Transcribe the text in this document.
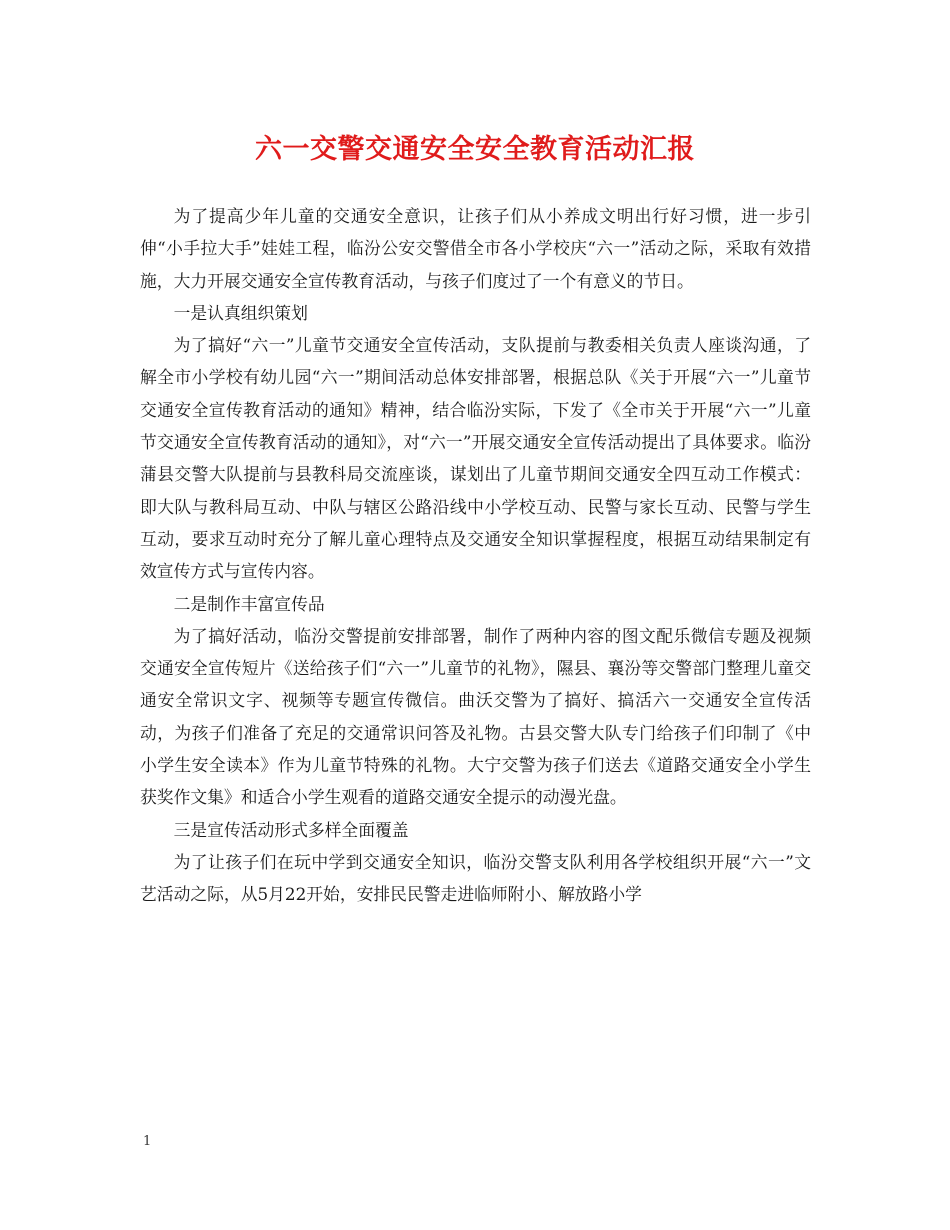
六一交警交通安全安全教育活动汇报

为了提高少年儿童的交通安全意识，让孩子们从小养成文明出行好习惯，进一步引伸“小手拉大手”娃娃工程，临汾公安交警借全市各小学校庆“六一”活动之际，采取有效措施，大力开展交通安全宣传教育活动，与孩子们度过了一个有意义的节日。

一是认真组织策划

为了搞好“六一”儿童节交通安全宣传活动，支队提前与教委相关负责人座谈沟通，了解全市小学校有幼儿园“六一”期间活动总体安排部署，根据总队《关于开展“六一”儿童节交通安全宣传教育活动的通知》精神，结合临汾实际，下发了《全市关于开展“六一”儿童节交通安全宣传教育活动的通知》，对“六一”开展交通安全宣传活动提出了具体要求。临汾蒲县交警大队提前与县教科局交流座谈，谋划出了儿童节期间交通安全四互动工作模式：即大队与教科局互动、中队与辖区公路沿线中小学校互动、民警与家长互动、民警与学生互动，要求互动时充分了解儿童心理特点及交通安全知识掌握程度，根据互动结果制定有效宣传方式与宣传内容。

二是制作丰富宣传品

为了搞好活动，临汾交警提前安排部署，制作了两种内容的图文配乐微信专题及视频交通安全宣传短片《送给孩子们“六一”儿童节的礼物》，隰县、襄汾等交警部门整理儿童交通安全常识文字、视频等专题宣传微信。曲沃交警为了搞好、搞活六一交通安全宣传活动，为孩子们准备了充足的交通常识问答及礼物。古县交警大队专门给孩子们印制了《中小学生安全读本》作为儿童节特殊的礼物。大宁交警为孩子们送去《道路交通安全小学生获奖作文集》和适合小学生观看的道路交通安全提示的动漫光盘。

三是宣传活动形式多样全面覆盖

为了让孩子们在玩中学到交通安全知识，临汾交警支队利用各学校组织开展“六一”文艺活动之际，从5月22开始，安排民民警走进临师附小、解放路小学

1
